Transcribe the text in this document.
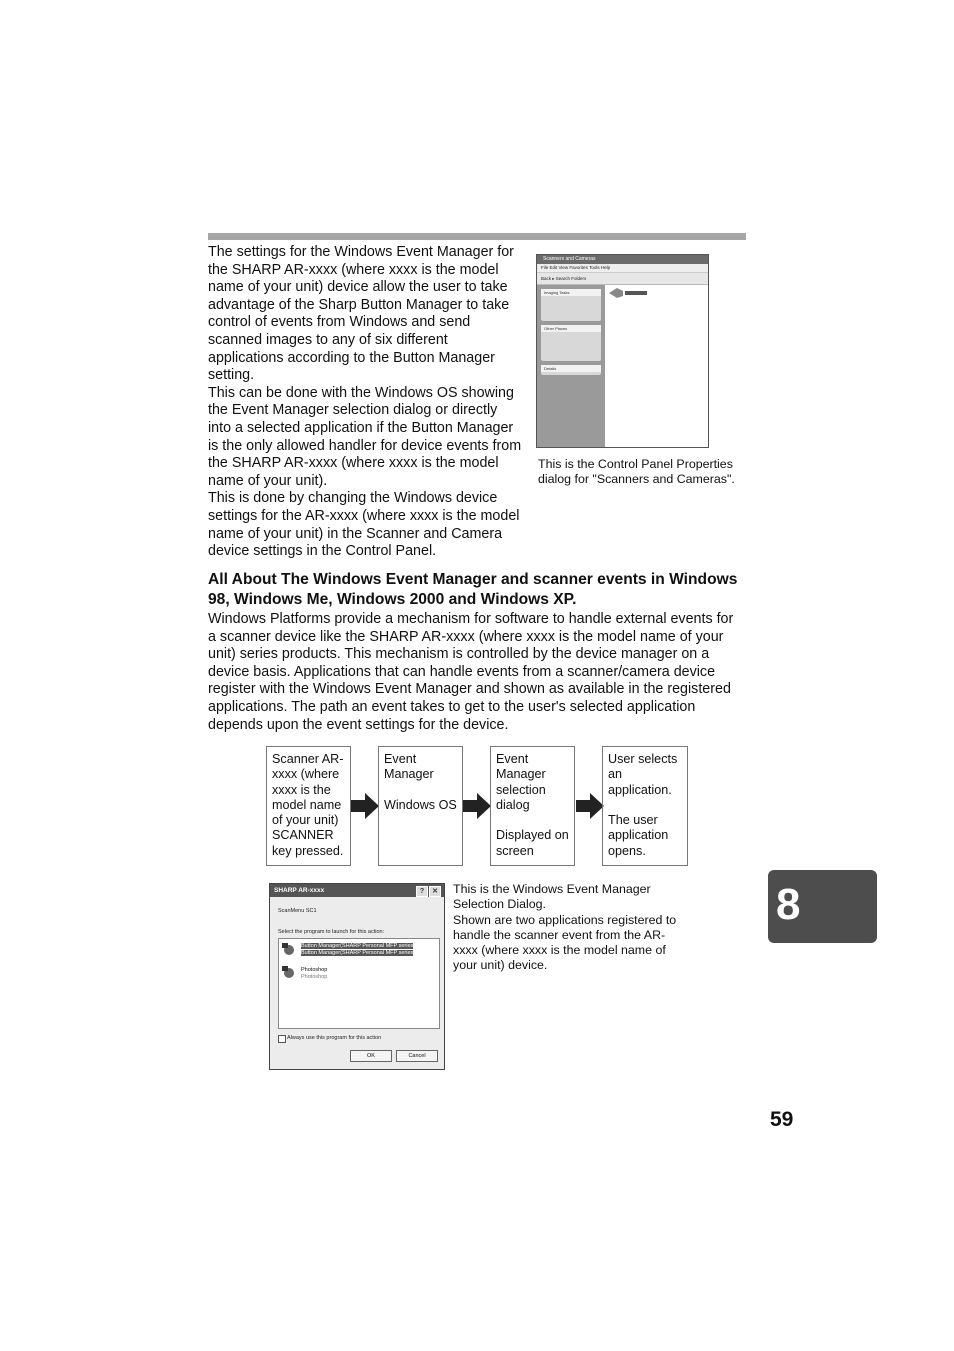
The settings for the Windows Event Manager for the SHARP AR-xxxx (where xxxx is the model name of your unit) device allow the user to take advantage of the Sharp Button Manager to take control of events from Windows and send scanned images to any of six different applications according to the Button Manager setting.

This can be done with the Windows OS showing the Event Manager selection dialog or directly into a selected application if the Button Manager is the only allowed handler for device events from the SHARP AR-xxxx (where xxxx is the model name of your unit).

This is done by changing the Windows device settings for the AR-xxxx (where xxxx is the model name of your unit) in the Scanner and Camera device settings in the Control Panel.

Scanners and Cameras
File Edit View Favorites Tools Help
Back ▸ Search Folders
Imaging Tasks
Other Places
Details

This is the Control Panel Properties dialog for "Scanners and Cameras".

All About The Windows Event Manager and scanner events in Windows 98, Windows Me, Windows 2000 and Windows XP.

Windows Platforms provide a mechanism for software to handle external events for a scanner device like the SHARP AR-xxxx (where xxxx is the model name of your unit) series products. This mechanism is controlled by the device manager on a device basis. Applications that can handle events from a scanner/camera device register with the Windows Event Manager and shown as available in the registered applications. The path an event takes to get to the user's selected application depends upon the event settings for the device.

Scanner AR-
xxxx (where
xxxx is the
model name
of your unit)
SCANNER
key pressed.
Event
Manager

Windows OS
Event
Manager
selection
dialog

Displayed on
screen
User selects
an
application.

The user
application
opens.
SHARP AR-xxxx	?	✕
ScanMenu SC1
Select the program to launch for this action:
Button Manager(SHARP Personal MFP series
Button Manager(SHARP Personal MFP series
Photoshop
Photoshop
Always use this program for this action
OK	Cancel

This is the Windows Event Manager Selection Dialog.
Shown are two applications registered to handle the scanner event from the AR-xxxx (where xxxx is the model name of your unit) device.

8
59
